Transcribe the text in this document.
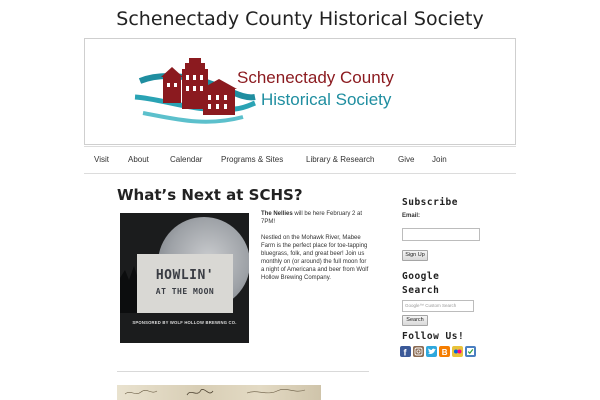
Schenectady County Historical Society
Schenectady County
Historical Society
Visit About	Calendar Programs & Sites	Library & Research	Give Join
What’s Next at SCHS?
HOWLIN'
AT THE MOON
SPONSORED BY WOLF HOLLOW BREWING CO.

The Nellies will be here February 2 at 7PM!

Nestled on the Mohawk River, Mabee Farm is the perfect place for toe-tapping bluegrass, folk, and great beer! Join us monthly on (or around) the full moon for a night of Americana and beer from Wolf Hollow Brewing Company.

Subscribe
Email:
Sign Up
Google
Search
Google™ Custom Search
Search
Follow Us!
f	B
